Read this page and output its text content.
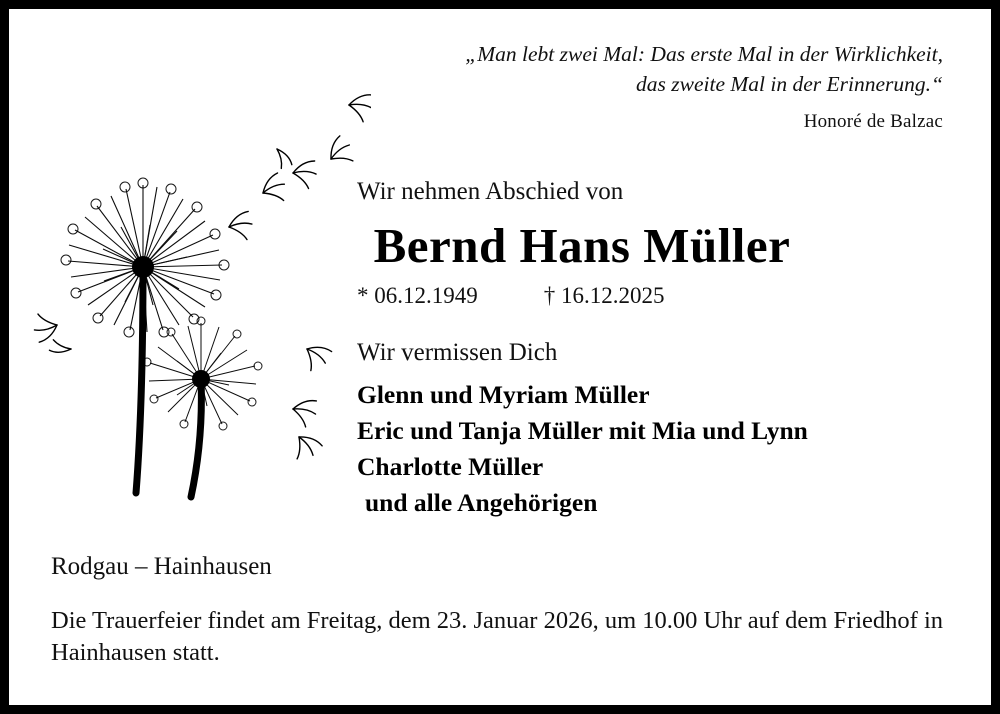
„Man lebt zwei Mal: Das erste Mal in der Wirklichkeit,
das zweite Mal in der Erinnerung.“
Honoré de Balzac
Wir nehmen Abschied von
Bernd Hans Müller
* 06.12.1949	† 16.12.2025
Wir vermissen Dich
Glenn und Myriam Müller
Eric und Tanja Müller mit Mia und Lynn
Charlotte Müller
und alle Angehörigen
Rodgau – Hainhausen
Die Trauerfeier findet am Freitag, dem 23. Januar 2026, um 10.00 Uhr auf dem Friedhof in Hainhausen statt.
